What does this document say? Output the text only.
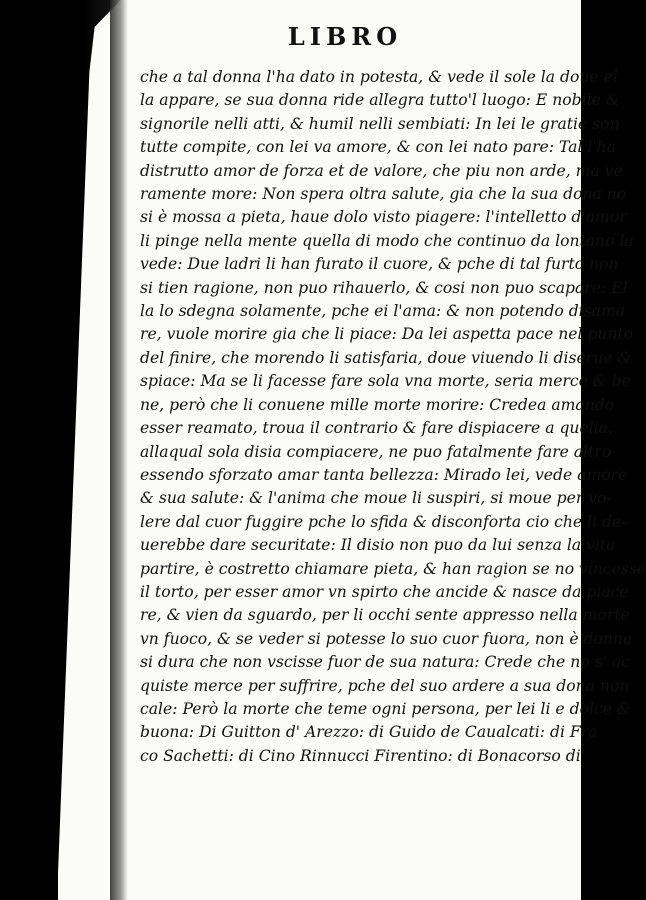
LIBRO
che a tal donna l'ha dato in potesta, & vede il sole la doue el
la appare, se sua donna ride allegra tutto'l luogo: E nobile &
signorile nelli atti, & humil nelli sembiati: In lei le gratie son
tutte compite, con lei va amore, & con lei nato pare: Tal l'ha
distrutto amor de forza et de valore, che piu non arde, ma ve
ramente more: Non spera oltra salute, gia che la sua dona no
si è mossa a pieta, haue dolo visto piagere: l'intelletto d'amor
li pinge nella mente quella di modo che continuo da lontano la
vede: Due ladri li han furato il cuore, & pche di tal furto non
si tien ragione, non puo rihauerlo, & cosi non puo scapare: El
la lo sdegna solamente, pche ei l'ama: & non potendo disama
re, vuole morire gia che li piace: Da lei aspetta pace nel punto
del finire, che morendo li satisfaria, doue viuendo li diserue &
spiace: Ma se li facesse fare sola vna morte, seria merce & be
ne, però che li conuene mille morte morire: Credea amando
esser reamato, troua il contrario & fare dispiacere a quella,
allaqual sola disia compiacere, ne puo fatalmente fare altro
essendo sforzato amar tanta bellezza: Mirado lei, vede amore
& sua salute: & l'anima che moue li suspiri, si moue per vo-
lere dal cuor fuggire pche lo sfida & disconforta cio che li de-
uerebbe dare securitate: Il disio non puo da lui senza la vita
partire, è costretto chiamare pieta, & han ragion se no vincesse
il torto, per esser amor vn spirto che ancide & nasce da piace
re, & vien da sguardo, per li occhi sente appresso nella morte
vn fuoco, & se veder si potesse lo suo cuor fuora, non è donna
si dura che non vscisse fuor de sua natura: Crede che no s' ac
quiste merce per suffrire, pche del suo ardere a sua dona non
cale: Però la morte che teme ogni persona, per lei li e dolce &
buona: Di Guitton d' Arezzo: di Guido de Caualcati: di Fra
co Sachetti: di Cino Rinnucci Firentino: di Bonacorso di
